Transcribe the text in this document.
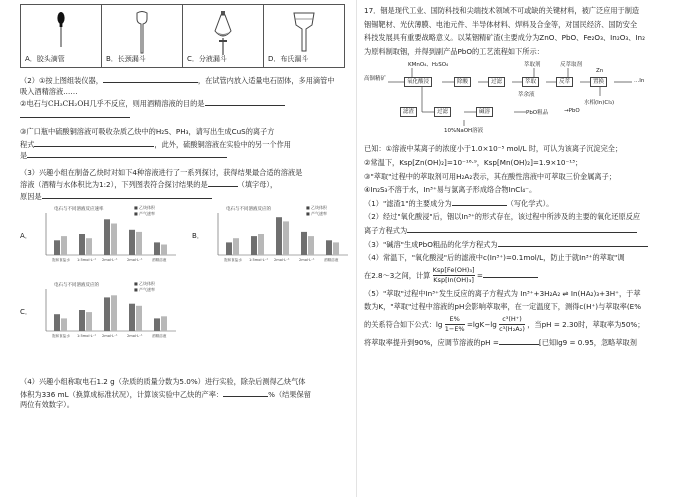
A．胶头滴管	B．长颈漏斗	C．分液漏斗	D．布氏漏斗
（2）①按上图组装仪器，	，在试管内放入适量电石固体，多用滴管中
吸入酒精溶液……
②电石与CH₃CH₂OH几乎不反应，则用酒精溶液的目的是
③广口瓶中硫酸铜溶液可吸收杂质乙炔中的H₂S、PH₃，请写出生成CuS的离子方
程式	，此外，硫酸铜溶液在实验中的另一个作用
是
（3）兴趣小组在制备乙炔时对如下4种溶液进行了一系列探讨，获得结果最合适的溶液是
溶液（酒精与水体积比为1:2），下列图表符合探讨结果的是	（填字母），
原因是
A．
电石与不同溶液反应速率	■ 乙炔体积
■ 产气速率
饱和食盐水 1:5mol·L⁻¹ 2mol·L⁻¹	2mol·L⁻¹	酒精溶液
B．
电石与不同溶液反应的	■ 乙炔体积
■ 产气速率
饱和食盐水 1:5mol·L⁻¹ 2mol·L⁻¹	2mol·L⁻¹	酒精溶液
C．
电石与不同溶液反应的	■ 乙炔体积
■ 产气速率
饱和食盐水 1:5mol·L⁻¹ 2mol·L⁻¹	2mol·L⁻¹	酒精溶液
（4）兴趣小组称取电石1.2 g（杂质的质量分数为5.0%）进行实验，除杂后测得乙炔气体
体积为336 mL（换算成标准状况），计算该实验中乙炔的产率：	%（结果保留
两位有效数字）。
17．铟是现代工业、国防科技和尖端技术领域不可或缺的关键材料，被广泛应用于制造
铟锡靶材、光伏薄膜、电池元件、半导体材料、焊料及合金等，对国民经济、国防安全
科技发展具有重要战略意义。以某铟精矿渣(主要成分为ZnO、PbO、Fe₂O₃、In₂O₃、In₂
为原料制取铟，并得到副产品PbO的工艺流程如下所示：
KMnO₄、H₂SO₄
高铟精矿	氧化酸浸	除酸	过滤	萃取	反萃	置换	...In
萃取剂	反萃取剂
Zn
水相(In)Cl₃)
萃余液
滤渣	过滤	碱溶	PbO粗品
10%NaOH溶液
→PbO
已知：①溶液中某离子的浓度小于1.0×10⁻⁵ mol/L 时，可认为该离子沉淀完全；
②常温下，Ksp[Zn(OH)₂]=10⁻¹⁶·⁹，Ksp[Mn(OH)₂]=1.9×10⁻¹³；
③"萃取"过程中的萃取剂可用H₂A₂表示，其在酸性溶液中可萃取三价金属离子；
④In₂S₃不溶于水，In³⁺易与氯离子形成络合物InCl₄⁻。
（1）"滤渣1"的主要成分为	（写化学式）。
（2）经过"氧化酸浸"后，铟以In³⁺的形式存在，该过程中所涉及的主要的氧化还原反应
离子方程式为
（3）"碱溶"生成PbO粗品的化学方程式为
（4）常温下，"氧化酸浸"后的滤液中c(In³⁺)=0.1mol/L，防止于就In³⁺的萃取"调
在2.8～3之间，计算
Ksp[Fe(OH)₃]
Ksp[In(OH)₃]
=
（5）"萃取"过程中In³⁺发生反应的离子方程式为 In³⁺+3H₂A₂ ⇌ In(HA₂)₃+3H⁺，于萃
数为K，"萃取"过程中溶液的pH会影响萃取率，在一定温度下，测得c(H⁺)与萃取率(E%
的关系符合如下公式：$\lg \frac{E\%}{1-E\%} =\lg K-\lg \frac{\text{c³(H⁺)}}{\text{c³(H₂A₂)}}$ ，当pH = 2.30时，萃取率为50%；
将萃取率提升到90%，应调节溶液的pH =	[已知lg9 = 0.95，忽略萃取剂
